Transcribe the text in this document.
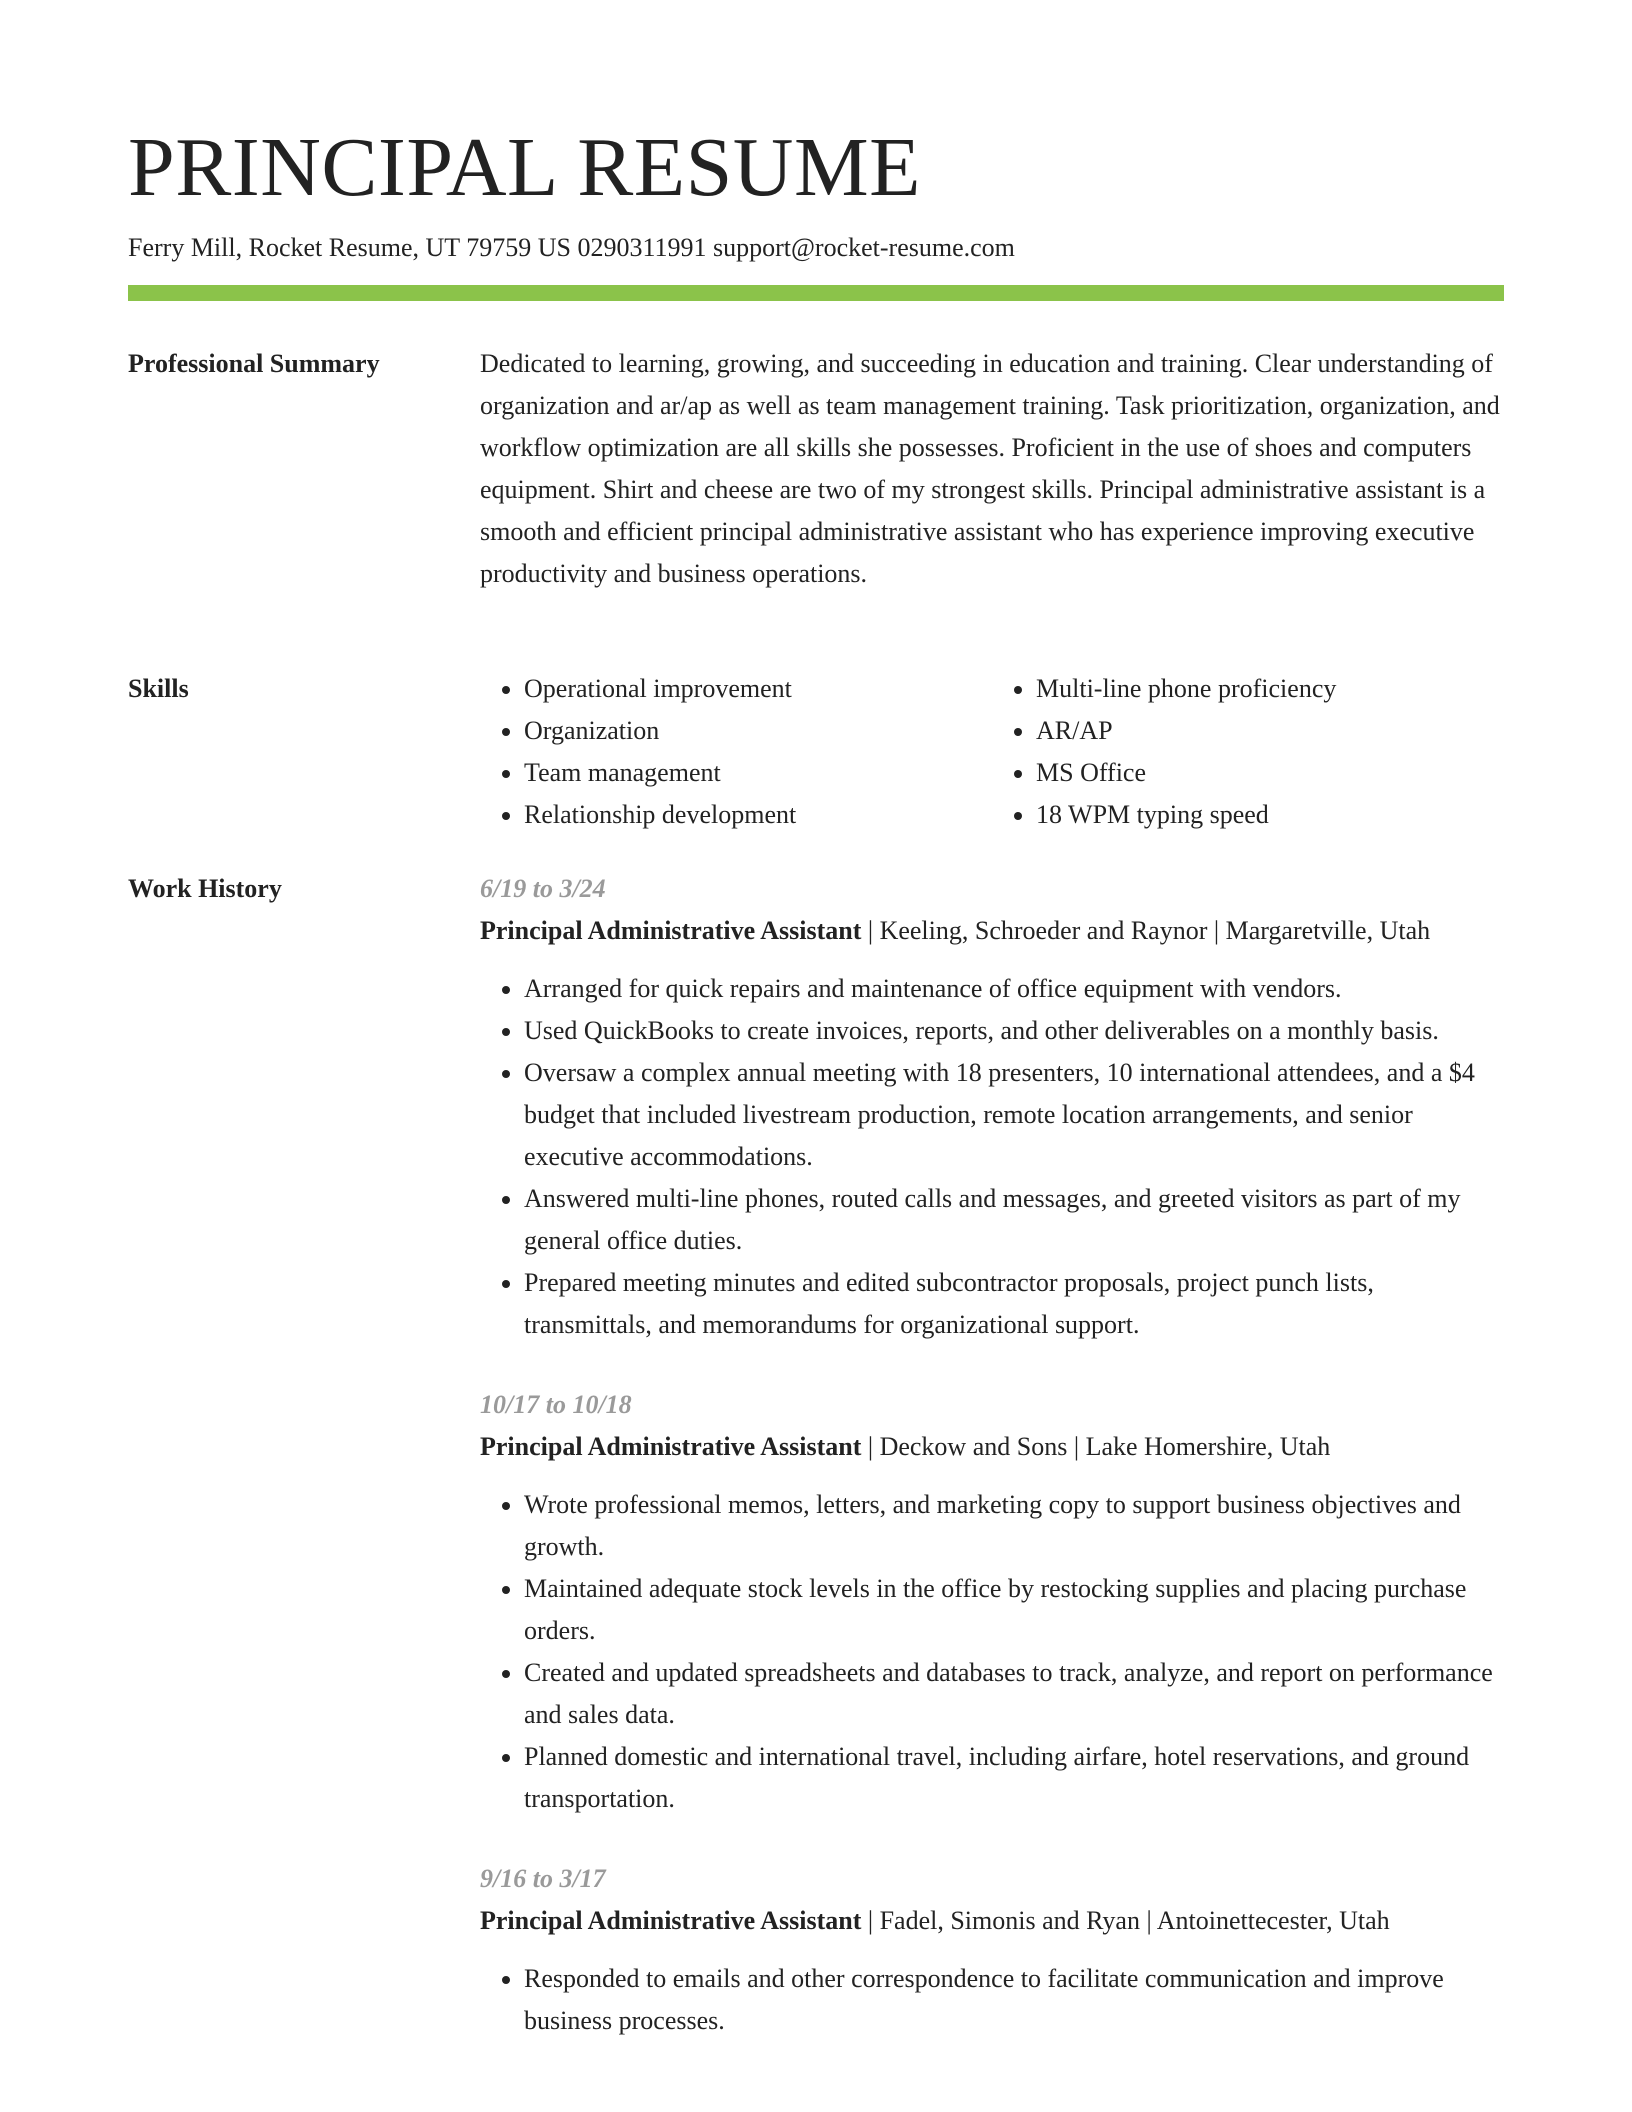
PRINCIPAL RESUME
Ferry Mill, Rocket Resume, UT 79759 US 0290311991 support@rocket-resume.com
Professional Summary	Dedicated to learning, growing, and succeeding in education and training. Clear understanding of organization and ar/ap as well as team management training. Task prioritization, organization, and workflow optimization are all skills she possesses. Proficient in the use of shoes and computers equipment. Shirt and cheese are two of my strongest skills. Principal administrative assistant is a smooth and efficient principal administrative assistant who has experience improving executive productivity and business operations.

Skills
•	Operational improvement
• Organization
• Team management
• Relationship development
• Multi-line phone proficiency
• AR/AP
• MS Office
• 18 WPM typing speed
Work History	6/19 to 3/24

Principal Administrative Assistant | Keeling, Schroeder and Raynor | Margaretville, Utah

• Arranged for quick repairs and maintenance of office equipment with vendors.
• Used QuickBooks to create invoices, reports, and other deliverables on a monthly basis.
• Oversaw a complex annual meeting with 18 presenters, 10 international attendees, and a $4 budget that included livestream production, remote location arrangements, and senior executive accommodations.
• Answered multi-line phones, routed calls and messages, and greeted visitors as part of my general office duties.
• Prepared meeting minutes and edited subcontractor proposals, project punch lists, transmittals, and memorandums for organizational support.
10/17 to 10/18

Principal Administrative Assistant | Deckow and Sons | Lake Homershire, Utah

• Wrote professional memos, letters, and marketing copy to support business objectives and growth.
• Maintained adequate stock levels in the office by restocking supplies and placing purchase orders.
• Created and updated spreadsheets and databases to track, analyze, and report on performance and sales data.
• Planned domestic and international travel, including airfare, hotel reservations, and ground transportation.
9/16 to 3/17

Principal Administrative Assistant | Fadel, Simonis and Ryan | Antoinettecester, Utah

• Responded to emails and other correspondence to facilitate communication and improve business processes.
